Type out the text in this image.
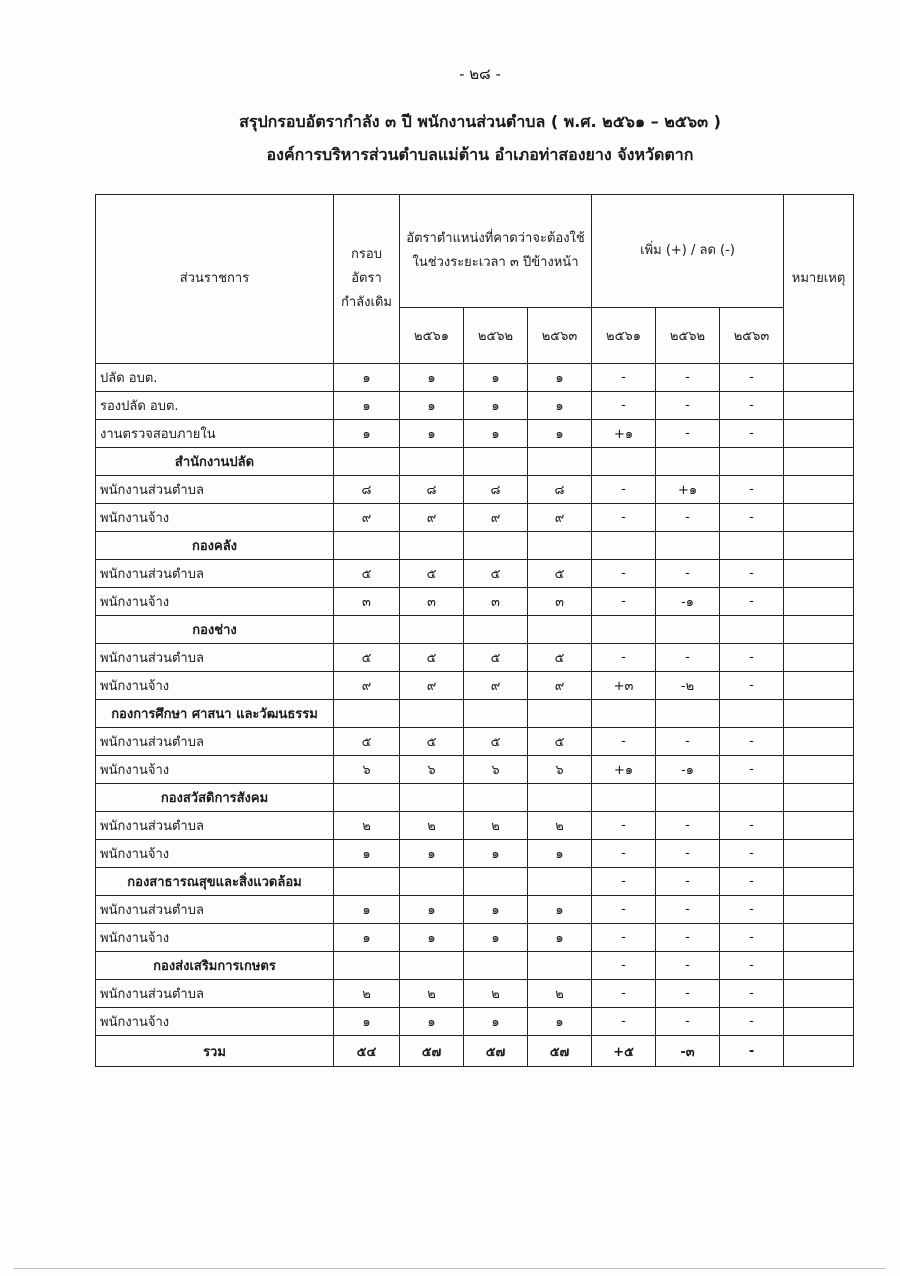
- ๒๘ -
สรุปกรอบอัตรากำลัง ๓ ปี พนักงานส่วนตำบล ( พ.ศ. ๒๕๖๑ – ๒๕๖๓ )
องค์การบริหารส่วนตำบลแม่ต้าน อำเภอท่าสองยาง จังหวัดตาก
ส่วนราชการ	กรอบอัตรากำลังเดิม	อัตราตำแหน่งที่คาดว่าจะต้องใช้ในช่วงระยะเวลา ๓ ปีข้างหน้า			เพิ่ม (+) / ลด (-)			หมายเหตุ
		๒๕๖๑	๒๕๖๒	๒๕๖๓	๒๕๖๑	๒๕๖๒	๒๕๖๓	
ปลัด อบต.	๑	๑	๑	๑	-	-	-	
รองปลัด อบต.	๑	๑	๑	๑	-	-	-	
งานตรวจสอบภายใน	๑	๑	๑	๑	+๑	-	-	
สำนักงานปลัด								
พนักงานส่วนตำบล	๘	๘	๘	๘	-	+๑	-	
พนักงานจ้าง	๙	๙	๙	๙	-	-	-	
กองคลัง								
พนักงานส่วนตำบล	๕	๕	๕	๕	-	-	-	
พนักงานจ้าง	๓	๓	๓	๓	-	-๑	-	
กองช่าง								
พนักงานส่วนตำบล	๕	๕	๕	๕	-	-	-	
พนักงานจ้าง	๙	๙	๙	๙	+๓	-๒	-	
กองการศึกษา ศาสนา และวัฒนธรรม								
พนักงานส่วนตำบล	๕	๕	๕	๕	-	-	-	
พนักงานจ้าง	๖	๖	๖	๖	+๑	-๑	-	
กองสวัสดิการสังคม								
พนักงานส่วนตำบล	๒	๒	๒	๒	-	-	-	
พนักงานจ้าง	๑	๑	๑	๑	-	-	-	
กองสาธารณสุขและสิ่งแวดล้อม					-	-	-	
พนักงานส่วนตำบล	๑	๑	๑	๑	-	-	-	
พนักงานจ้าง	๑	๑	๑	๑	-	-	-	
กองส่งเสริมการเกษตร					-	-	-	
พนักงานส่วนตำบล	๒	๒	๒	๒	-	-	-	
พนักงานจ้าง	๑	๑	๑	๑	-	-	-	
รวม	๕๔	๕๗	๕๗	๕๗	+๕	-๓	-	
